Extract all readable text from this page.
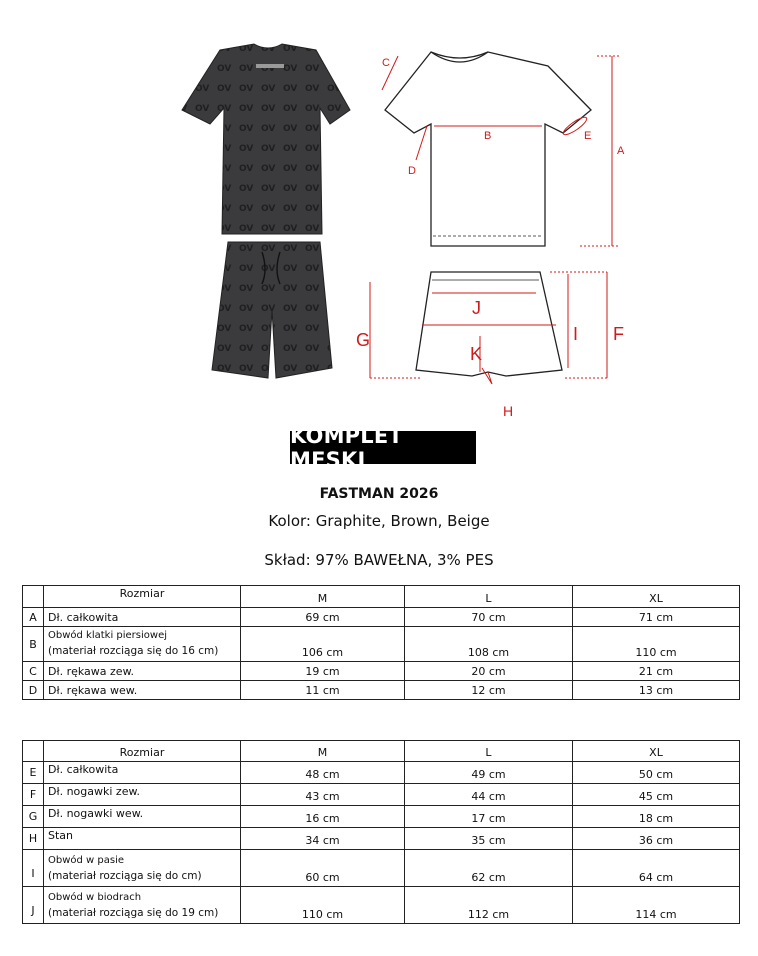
C
B	E
D
A
J
K
G	I F
H
KOMPLET MĘSKI
FASTMAN 2026
Kolor: Graphite, Brown, Beige
Skład: 97% BAWEŁNA, 3% PES
	Rozmiar	M	L	XL
A	Dł. całkowita	69 cm	70 cm	71 cm
B	Obwód klatki piersiowej
(materiał rozciąga się do 16 cm)	106 cm	108 cm	110 cm
C	Dł. rękawa zew.	19 cm	20 cm	21 cm
D	Dł. rękawa wew.	11 cm	12 cm	13 cm
	Rozmiar	M	L	XL
E	Dł. całkowita	48 cm	49 cm	50 cm
F	Dł. nogawki zew.	43 cm	44 cm	45 cm
G	Dł. nogawki wew.	16 cm	17 cm	18 cm
H	Stan	34 cm	35 cm	36 cm
I	Obwód w pasie
(materiał rozciąga się do cm)	60 cm	62 cm	64 cm
J	Obwód w biodrach
(materiał rozciąga się do 19 cm)	110 cm	112 cm	114 cm
